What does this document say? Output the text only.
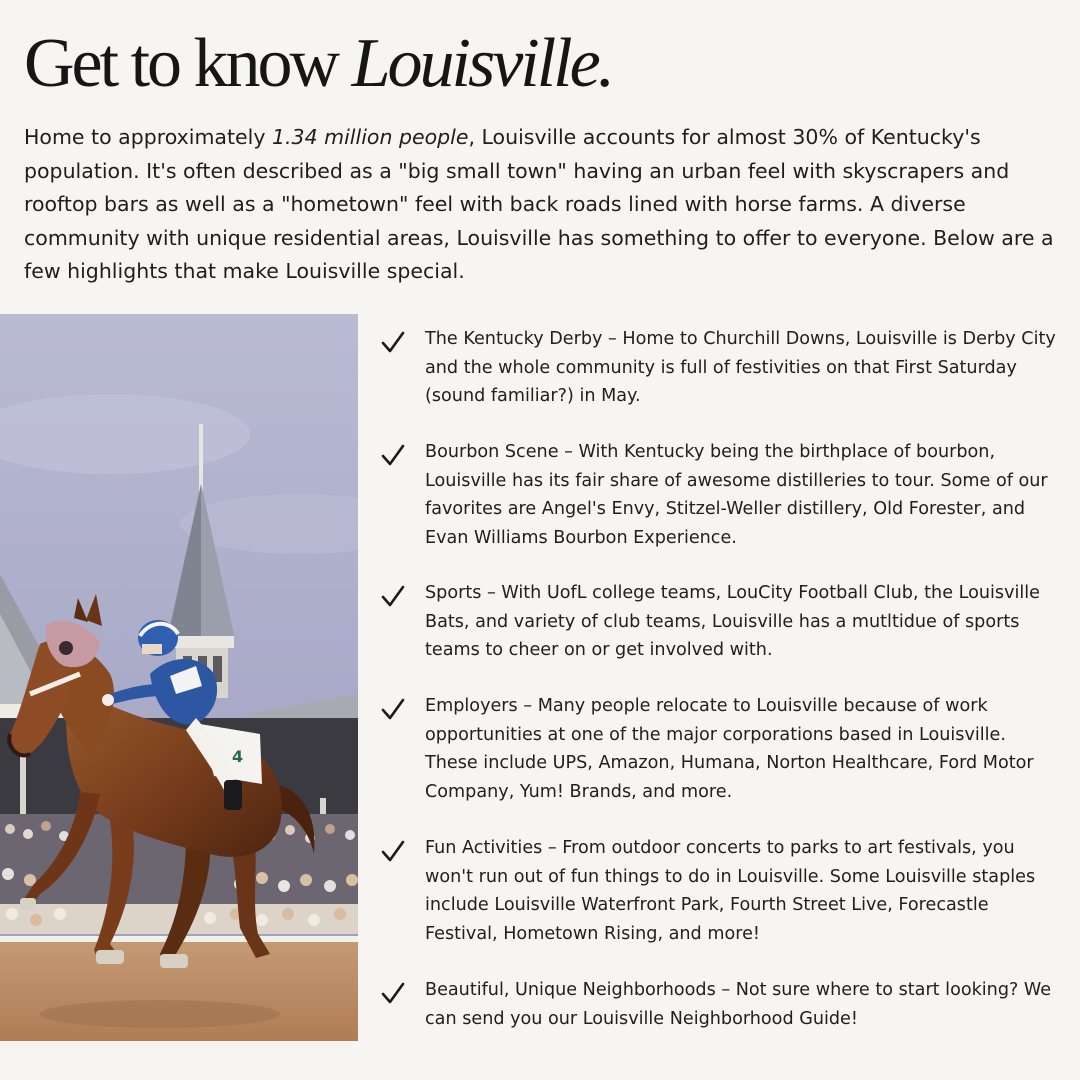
Get to know Louisville.

Home to approximately 1.34 million people, Louisville accounts for almost 30% of Kentucky's population. It's often described as a "big small town" having an urban feel with skyscrapers and rooftop bars as well as a "hometown" feel with back roads lined with horse farms. A diverse community with unique residential areas, Louisville has something to offer to everyone. Below are a few highlights that make Louisville special.

4

The Kentucky Derby – Home to Churchill Downs, Louisville is Derby City and the whole community is full of festivities on that First Saturday (sound familiar?) in May.

Bourbon Scene – With Kentucky being the birthplace of bourbon, Louisville has its fair share of awesome distilleries to tour. Some of our favorites are Angel's Envy, Stitzel-Weller distillery, Old Forester, and Evan Williams Bourbon Experience.

Sports – With UofL college teams, LouCity Football Club, the Louisville Bats, and variety of club teams, Louisville has a mutltidue of sports teams to cheer on or get involved with.

Employers – Many people relocate to Louisville because of work opportunities at one of the major corporations based in Louisville. These include UPS, Amazon, Humana, Norton Healthcare, Ford Motor Company, Yum! Brands, and more.

Fun Activities – From outdoor concerts to parks to art festivals, you won't run out of fun things to do in Louisville. Some Louisville staples include Louisville Waterfront Park, Fourth Street Live, Forecastle Festival, Hometown Rising, and more!

Beautiful, Unique Neighborhoods – Not sure where to start looking? We can send you our Louisville Neighborhood Guide!
